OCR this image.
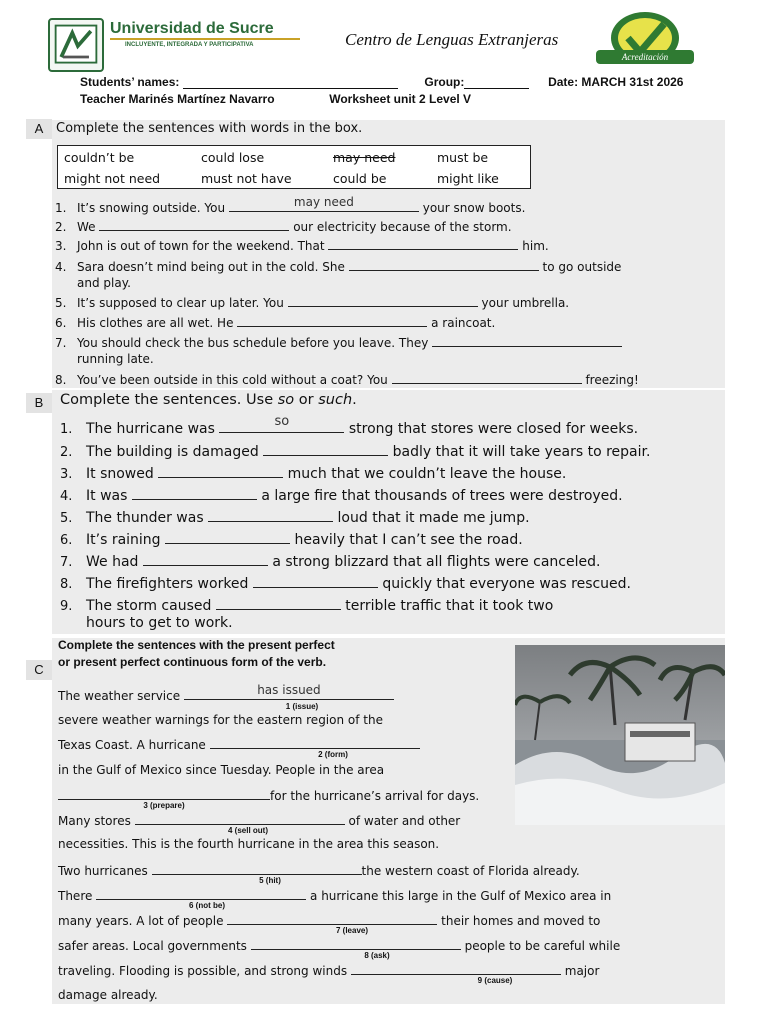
Universidad de Sucre
INCLUYENTE, INTEGRADA Y PARTICIPATIVA	Centro de Lenguas Extranjeras
Acreditación
Students’ names:	Group:	Date: MARCH 31st 2026
Teacher Marinés Martínez Navarro	Worksheet unit 2 Level V
A Complete the sentences with words in the box.
couldn’t be	could lose	may need	must be
might not need	must not have	could be	might like
1. It’s snowing outside. You	may need	your snow boots.
2. We	our electricity because of the storm.
3. John is out of town for the weekend. That	him.
4. Sara doesn’t mind being out in the cold. She	to go outside
and play.
5. It’s supposed to clear up later. You	your umbrella.
6. His clothes are all wet. He	a raincoat.
7. You should check the bus schedule before you leave. They
running late.
8. You’ve been outside in this cold without a coat? You	freezing!
B	Complete the sentences. Use so or such.
1. The hurricane was	so	strong that stores were closed for weeks.
2. The building is damaged	badly that it will take years to repair.
3. It snowed	much that we couldn’t leave the house.
4. It was	a large fire that thousands of trees were destroyed.
5. The thunder was	loud that it made me jump.
6. It’s raining	heavily that I can’t see the road.
7. We had	a strong blizzard that all flights were canceled.
8. The firefighters worked	quickly that everyone was rescued.
9. The storm caused	terrible traffic that it took two
hours to get to work.
C
Complete the sentences with the present perfect
or present perfect continuous form of the verb.
The weather service	has issued
1 (issue)
severe weather warnings for the eastern region of the
Texas Coast. A hurricane
2 (form)
in the Gulf of Mexico since Tuesday. People in the area
for the hurricane’s arrival for days.
3 (prepare)
Many stores	of water and other
4 (sell out)
necessities. This is the fourth hurricane in the area this season.
Two hurricanes	the western coast of Florida already.
5 (hit)
There	a hurricane this large in the Gulf of Mexico area in
6 (not be)
many years. A lot of people	their homes and moved to
7 (leave)
safer areas. Local governments	people to be careful while
8 (ask)
traveling. Flooding is possible, and strong winds	major
9 (cause)
damage already.
